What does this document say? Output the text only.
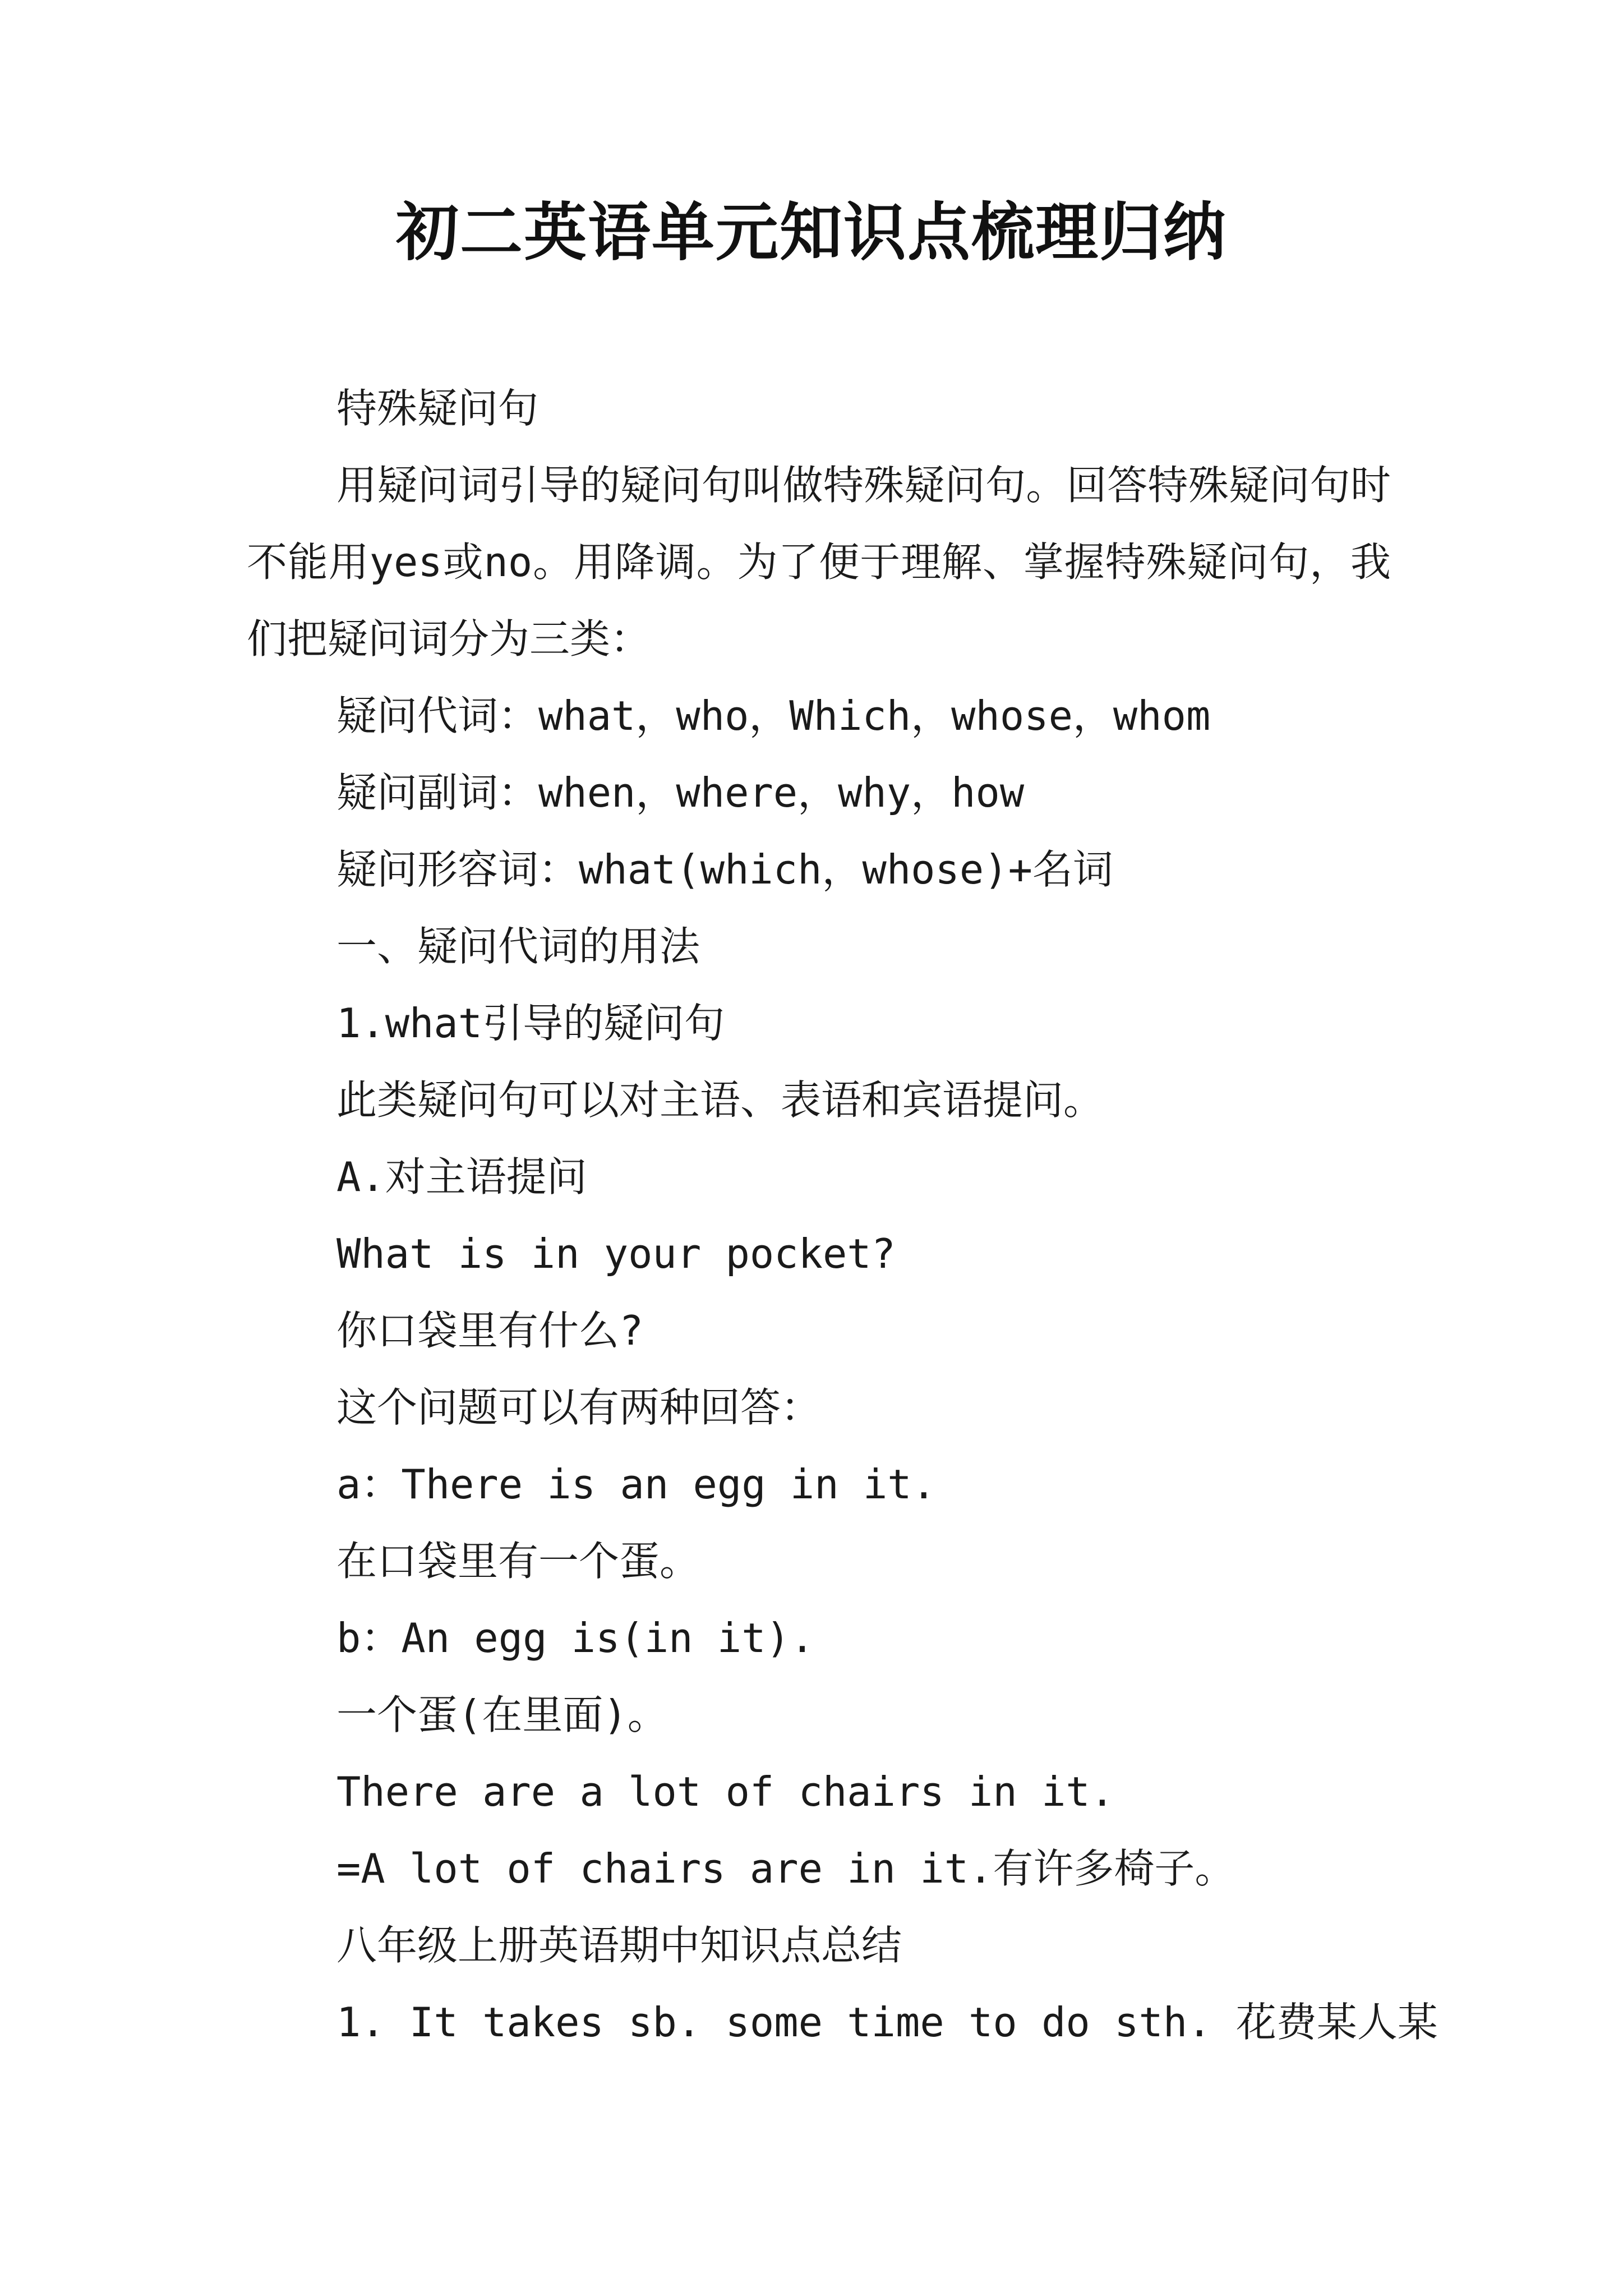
初二英语单元知识点梳理归纳

特殊疑问句

用疑问词引导的疑问句叫做特殊疑问句。回答特殊疑问句时不能用yes或no。用降调。为了便于理解、掌握特殊疑问句，我们把疑问词分为三类：

疑问代词：what，who，Which，whose，whom

疑问副词：when，where，why，how

疑问形容词：what(which，whose)+名词

一、疑问代词的用法

1.what引导的疑问句

此类疑问句可以对主语、表语和宾语提问。

A.对主语提问

What is in your pocket?

你口袋里有什么?

这个问题可以有两种回答：

a：There is an egg in it.

在口袋里有一个蛋。

b：An egg is(in it).

一个蛋(在里面)。

There are a lot of chairs in it.

=A lot of chairs are in it.有许多椅子。

八年级上册英语期中知识点总结

1. It takes sb. some time to do sth. 花费某人某
